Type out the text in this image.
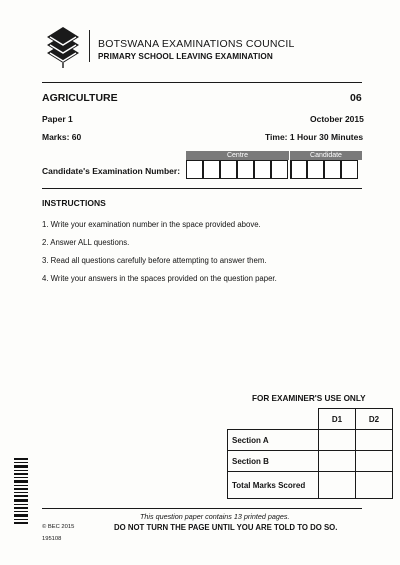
BOTSWANA EXAMINATIONS COUNCIL
PRIMARY SCHOOL LEAVING EXAMINATION
AGRICULTURE	06
Paper 1	October 2015
Marks: 60	Time: 1 Hour 30 Minutes
Candidate's Examination Number:
Centre	Candidate
INSTRUCTIONS
1. Write your examination number in the space provided above.
2. Answer ALL questions.
3. Read all questions carefully before attempting to answer them.
4. Write your answers in the spaces provided on the question paper.
FOR EXAMINER'S USE ONLY
	D1	D2
Section A		
Section B		
Total Marks Scored		
This question paper contains 13 printed pages.
DO NOT TURN THE PAGE UNTIL YOU ARE TOLD TO DO SO.
© BEC 2015
195108
